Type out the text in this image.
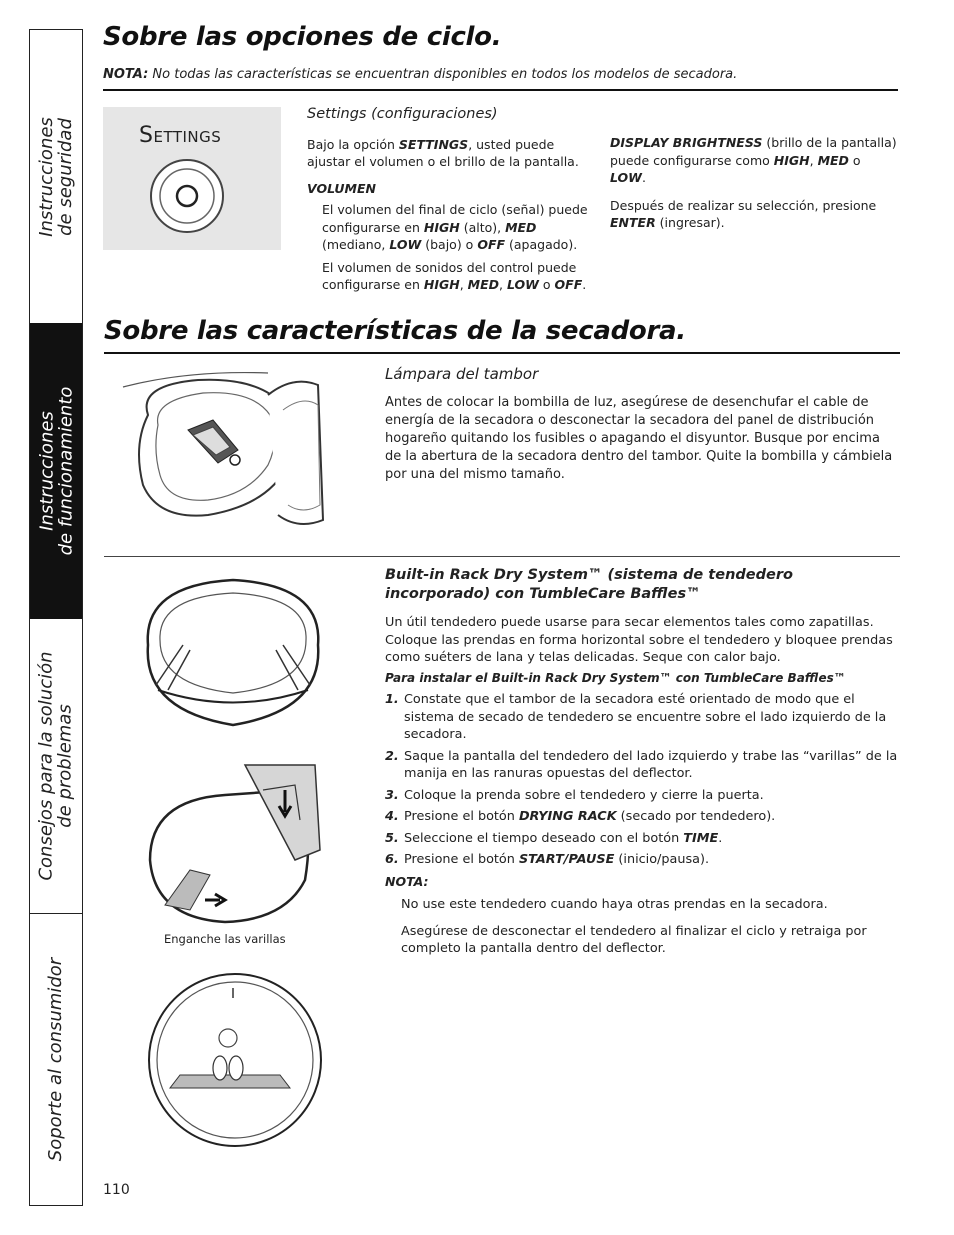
Instrucciones
de seguridad
Instrucciones
de funcionamiento
Consejos para la solución
de problemas
Soporte al consumidor
Sobre las opciones de ciclo.
NOTA: No todas las características se encuentran disponibles en todos los modelos de secadora.
Settings
Settings (configuraciones)

Bajo la opción SETTINGS, usted puede ajustar el volumen o el brillo de la pantalla.

VOLUMEN

El volumen del final de ciclo (señal) puede configurarse en HIGH (alto), MED (mediano, LOW (bajo) o OFF (apagado).

El volumen de sonidos del control puede configurarse en HIGH, MED, LOW o OFF.

DISPLAY BRIGHTNESS (brillo de la pantalla) puede configurarse como HIGH, MED o LOW.

Después de realizar su selección, presione ENTER (ingresar).

Sobre las características de la secadora.
Lámpara del tambor

Antes de colocar la bombilla de luz, asegúrese de desenchufar el cable de energía de la secadora o desconectar la secadora del panel de distribución hogareño quitando los fusibles o apagando el disyuntor. Busque por encima de la abertura de la secadora dentro del tambor. Quite la bombilla y cámbiela por una del mismo tamaño.

Enganche las varillas
Built-in Rack Dry System™ (sistema de tendedero incorporado) con TumbleCare Baffles™

Un útil tendedero puede usarse para secar elementos tales como zapatillas. Coloque las prendas en forma horizontal sobre el tendedero y bloquee prendas como suéters de lana y telas delicadas. Seque con calor bajo.

Para instalar el Built-in Rack Dry System™ con TumbleCare Baffles™

1. Constate que el tambor de la secadora esté orientado de modo que el sistema de secado de tendedero se encuentre sobre el lado izquierdo de la secadora.
2. Saque la pantalla del tendedero del lado izquierdo y trabe las “varillas” de la manija en las ranuras opuestas del deflector.
3. Coloque la prenda sobre el tendedero y cierre la puerta.
4. Presione el botón DRYING RACK (secado por tendedero).
5. Seleccione el tiempo deseado con el botón TIME.
6. Presione el botón START/PAUSE (inicio/pausa).

NOTA:

No use este tendedero cuando haya otras prendas en la secadora.

Asegúrese de desconectar el tendedero al finalizar el ciclo y retraiga por completo la pantalla dentro del deflector.

110
